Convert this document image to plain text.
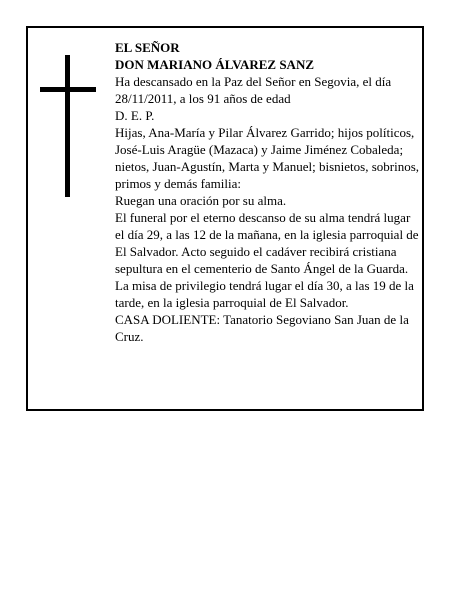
EL SEÑOR

DON MARIANO ÁLVAREZ SANZ

Ha descansado en la Paz del Señor en Segovia, el día 28/11/2011, a los 91 años de edad

D. E. P.

Hijas, Ana-María y Pilar Álvarez Garrido; hijos políticos, José-Luis Aragüe (Mazaca) y Jaime Jiménez Cobaleda; nietos, Juan-Agustín, Marta y Manuel; bisnietos, sobrinos, primos y demás familia:

Ruegan una oración por su alma.

El funeral por el eterno descanso de su alma tendrá lugar el día 29, a las 12 de la mañana, en la iglesia parroquial de El Salvador. Acto seguido el cadáver recibirá cristiana sepultura en el cementerio de Santo Ángel de la Guarda. La misa de privilegio tendrá lugar el día 30, a las 19 de la tarde, en la iglesia parroquial de El Salvador.

CASA DOLIENTE: Tanatorio Segoviano San Juan de la Cruz.
